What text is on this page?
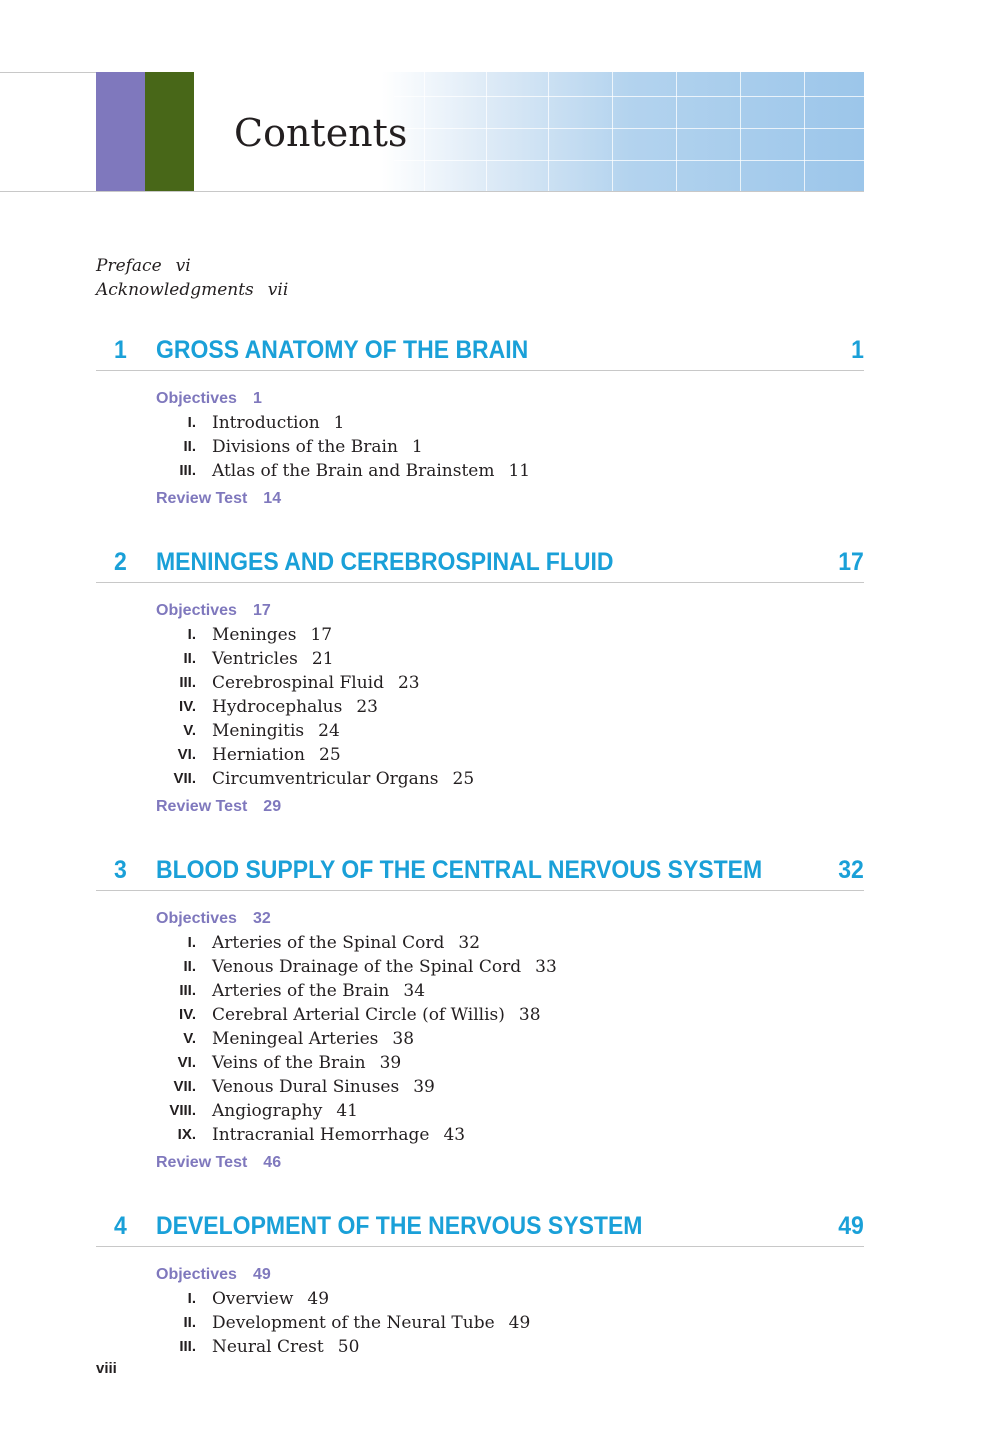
Contents
Preface vi
Acknowledgments vii
1 GROSS ANATOMY OF THE BRAIN	1
Objectives 1
I. Introduction 1
II. Divisions of the Brain 1
III. Atlas of the Brain and Brainstem 11
Review Test 14
2 MENINGES AND CEREBROSPINAL FLUID	17
Objectives 17
I. Meninges 17
II. Ventricles 21
III. Cerebrospinal Fluid 23
IV. Hydrocephalus 23
V. Meningitis 24
VI. Herniation 25
VII. Circumventricular Organs 25
Review Test 29
3 BLOOD SUPPLY OF THE CENTRAL NERVOUS SYSTEM	32
Objectives 32
I. Arteries of the Spinal Cord 32
II. Venous Drainage of the Spinal Cord 33
III. Arteries of the Brain 34
IV. Cerebral Arterial Circle (of Willis) 38
V. Meningeal Arteries 38
VI. Veins of the Brain 39
VII. Venous Dural Sinuses 39
VIII. Angiography 41
IX. Intracranial Hemorrhage 43
Review Test 46
4 DEVELOPMENT OF THE NERVOUS SYSTEM	49
Objectives 49
I. Overview 49
II. Development of the Neural Tube 49
III. Neural Crest 50
viii
